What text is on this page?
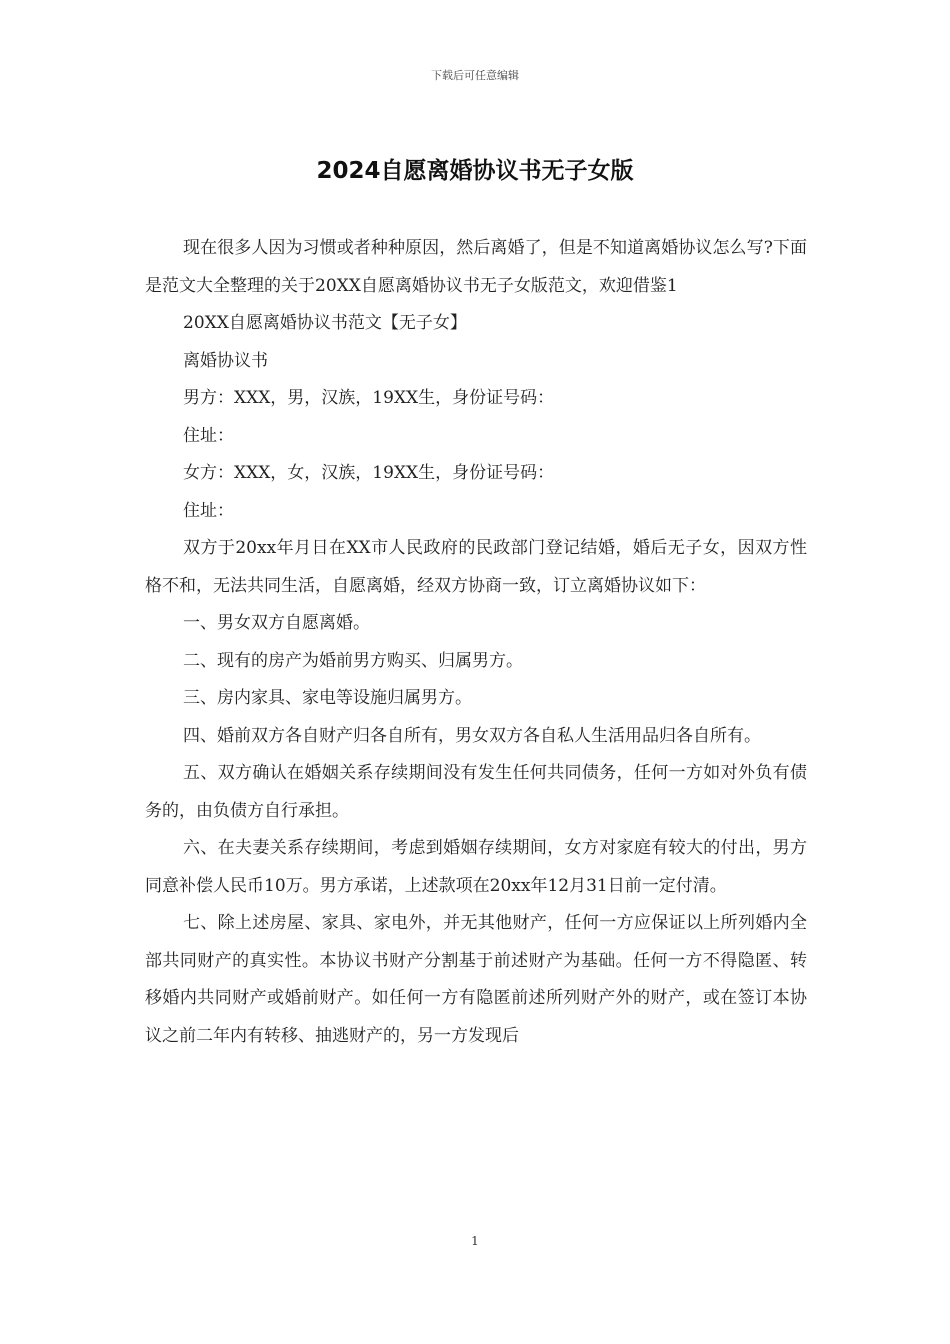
下载后可任意编辑
2024自愿离婚协议书无子女版

现在很多人因为习惯或者种种原因，然后离婚了，但是不知道离婚协议怎么写?下面是范文大全整理的关于20XX自愿离婚协议书无子女版范文，欢迎借鉴1

20XX自愿离婚协议书范文【无子女】

离婚协议书

男方：XXX，男，汉族，19XX生，身份证号码：

住址：

女方：XXX，女，汉族，19XX生，身份证号码：

住址：

双方于20xx年月日在XX市人民政府的民政部门登记结婚，婚后无子女，因双方性格不和，无法共同生活，自愿离婚，经双方协商一致，订立离婚协议如下：

一、男女双方自愿离婚。

二、现有的房产为婚前男方购买、归属男方。

三、房内家具、家电等设施归属男方。

四、婚前双方各自财产归各自所有，男女双方各自私人生活用品归各自所有。

五、双方确认在婚姻关系存续期间没有发生任何共同债务，任何一方如对外负有债务的，由负债方自行承担。

六、在夫妻关系存续期间，考虑到婚姻存续期间，女方对家庭有较大的付出，男方同意补偿人民币10万。男方承诺，上述款项在20xx年12月31日前一定付清。

七、除上述房屋、家具、家电外，并无其他财产，任何一方应保证以上所列婚内全部共同财产的真实性。本协议书财产分割基于前述财产为基础。任何一方不得隐匿、转移婚内共同财产或婚前财产。如任何一方有隐匿前述所列财产外的财产，或在签订本协议之前二年内有转移、抽逃财产的，另一方发现后

1
